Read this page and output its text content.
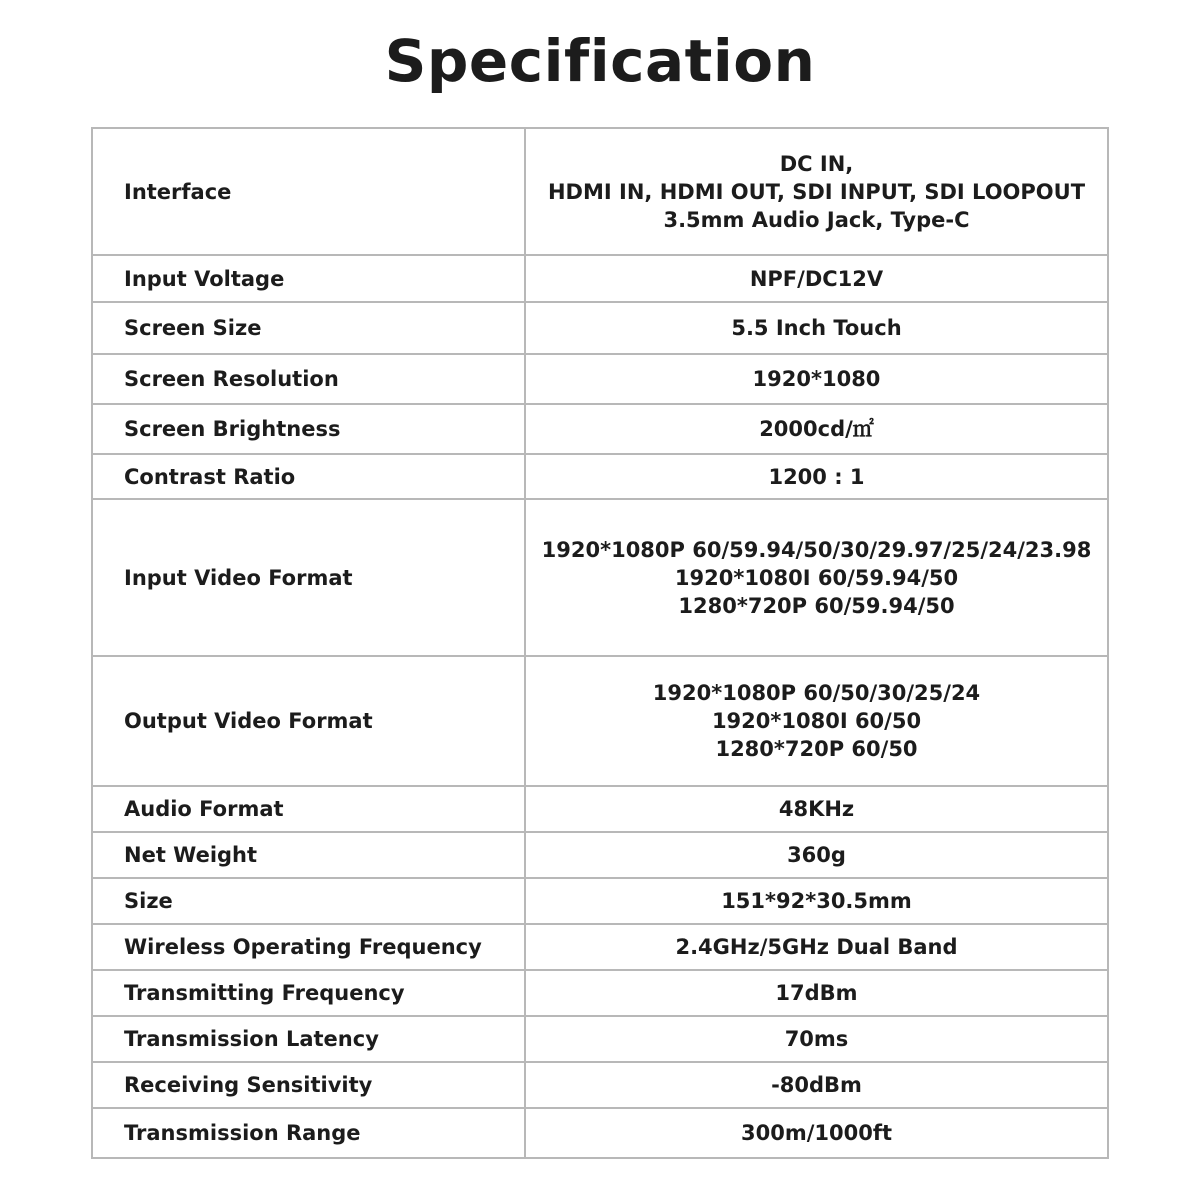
Specification
Interface	DC IN,
HDMI IN, HDMI OUT, SDI INPUT, SDI LOOPOUT
3.5mm Audio Jack, Type-C

Input Voltage	NPF/DC12V

Screen Size	5.5 Inch Touch

Screen Resolution	1920*1080

Screen Brightness	2000cd/㎡

Contrast Ratio	1200 : 1

Input Video Format	1920*1080P 60/59.94/50/30/29.97/25/24/23.98
1920*1080I 60/59.94/50
1280*720P 60/59.94/50

Output Video Format	1920*1080P 60/50/30/25/24
1920*1080I 60/50
1280*720P 60/50

Audio Format	48KHz

Net Weight	360g

Size	151*92*30.5mm

Wireless Operating Frequency	2.4GHz/5GHz Dual Band

Transmitting Frequency	17dBm

Transmission Latency	70ms

Receiving Sensitivity	-80dBm

Transmission Range	300m/1000ft
